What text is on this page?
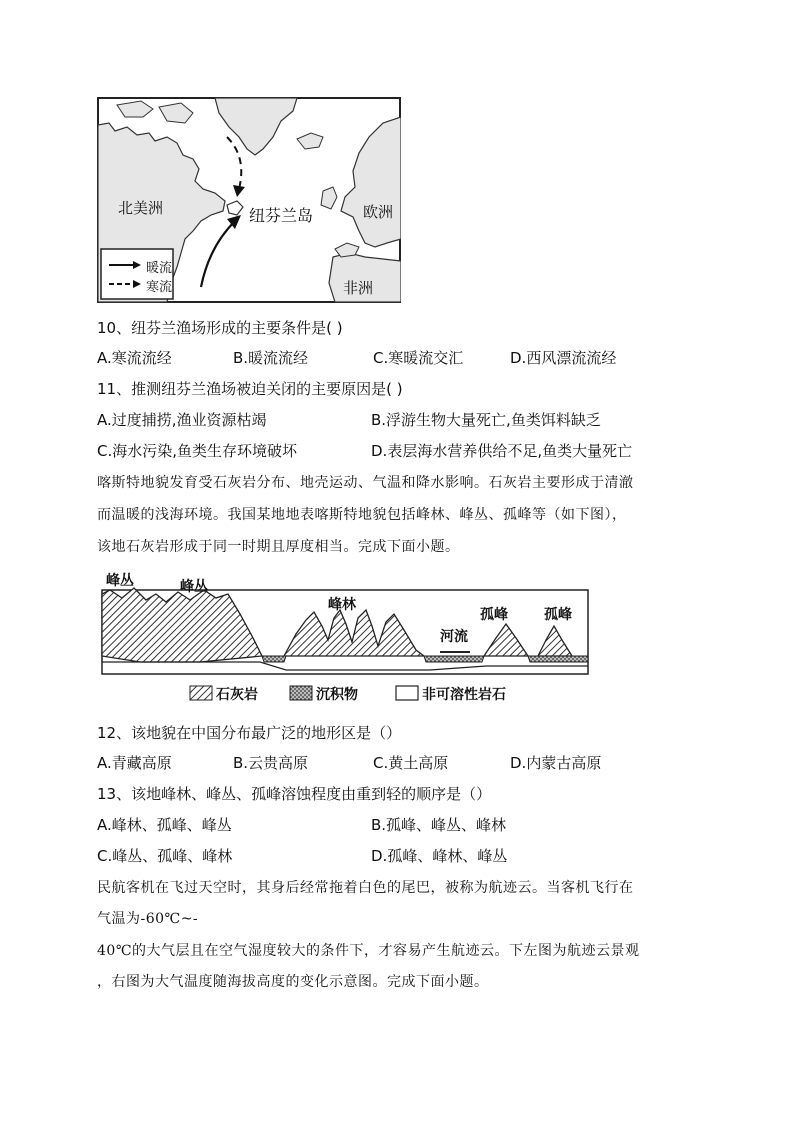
北美洲	纽芬兰岛	欧洲
非洲
暖流
寒流
10、纽芬兰渔场形成的主要条件是( )
A.寒流流经	B.暖流流经	C.寒暖流交汇	D.西风漂流流经
11、推测纽芬兰渔场被迫关闭的主要原因是( )
A.过度捕捞,渔业资源枯竭	B.浮游生物大量死亡,鱼类饵料缺乏
C.海水污染,鱼类生存环境破坏	D.表层海水营养供给不足,鱼类大量死亡
喀斯特地貌发育受石灰岩分布、地壳运动、气温和降水影响。石灰岩主要形成于清澈
而温暖的浅海环境。我国某地地表喀斯特地貌包括峰林、峰丛、孤峰等（如下图），
该地石灰岩形成于同一时期且厚度相当。完成下面小题。
峰丛	峰丛
峰林
河流
孤峰	孤峰
石灰岩	沉积物	非可溶性岩石
12、该地貌在中国分布最广泛的地形区是（）
A.青藏高原	B.云贵高原	C.黄土高原	D.内蒙古高原
13、该地峰林、峰丛、孤峰溶蚀程度由重到轻的顺序是（）
A.峰林、孤峰、峰丛	B.孤峰、峰丛、峰林
C.峰丛、孤峰、峰林	D.孤峰、峰林、峰丛
民航客机在飞过天空时，其身后经常拖着白色的尾巴，被称为航迹云。当客机飞行在
气温为-60℃~-
40℃的大气层且在空气湿度较大的条件下，才容易产生航迹云。下左图为航迹云景观
，右图为大气温度随海拔高度的变化示意图。完成下面小题。
